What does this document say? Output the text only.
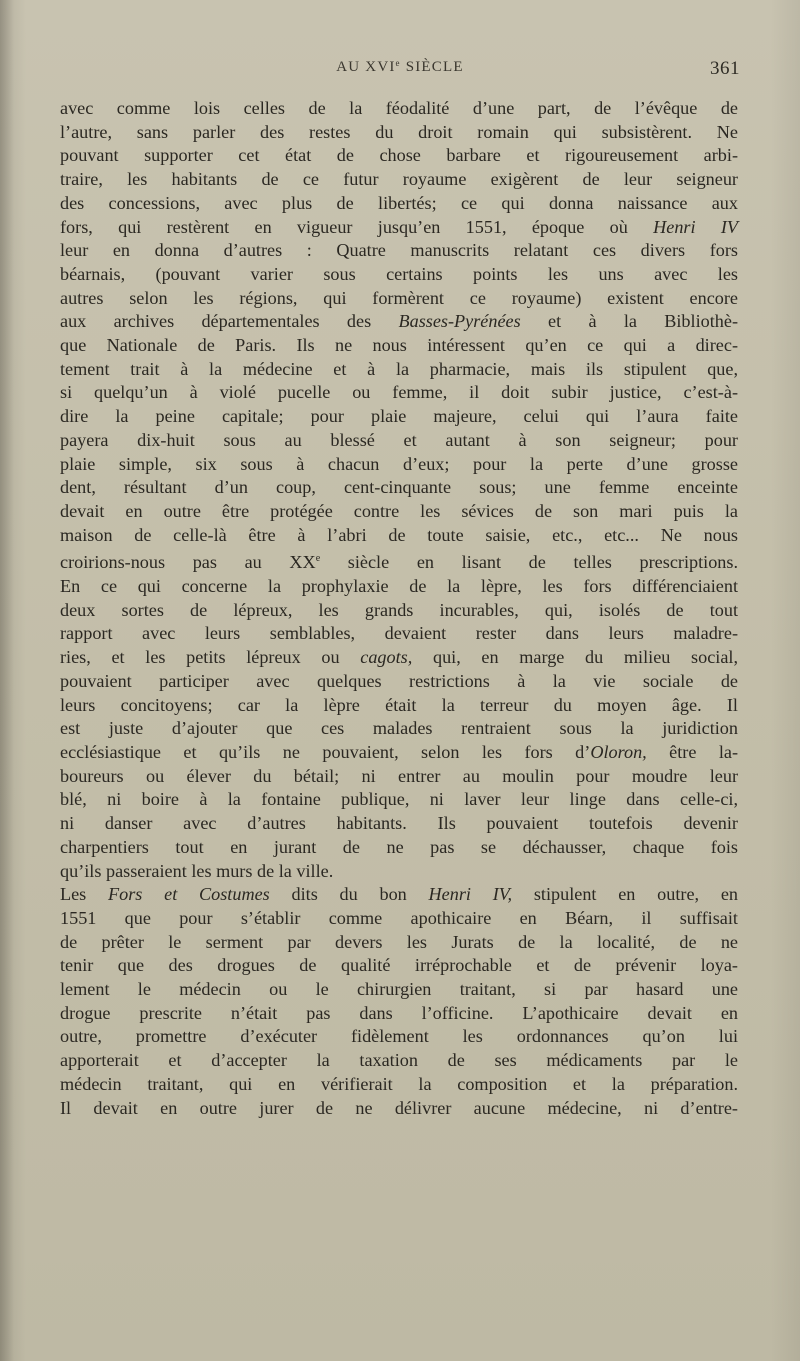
AU XVIe SIÈCLE	361
avec comme lois celles de la féodalité d’une part, de l’évêque de
l’autre, sans parler des restes du droit romain qui subsistèrent. Ne
pouvant supporter cet état de chose barbare et rigoureusement arbi-
traire, les habitants de ce futur royaume exigèrent de leur seigneur
des concessions, avec plus de libertés; ce qui donna naissance aux
fors, qui restèrent en vigueur jusqu’en 1551, époque où Henri IV
leur en donna d’autres : Quatre manuscrits relatant ces divers fors
béarnais, (pouvant varier sous certains points les uns avec les
autres selon les régions, qui formèrent ce royaume) existent encore
aux archives départementales des Basses-Pyrénées et à la Bibliothè-
que Nationale de Paris. Ils ne nous intéressent qu’en ce qui a direc-
tement trait à la médecine et à la pharmacie, mais ils stipulent que,
si quelqu’un à violé pucelle ou femme, il doit subir justice, c’est-à-
dire la peine capitale; pour plaie majeure, celui qui l’aura faite
payera dix-huit sous au blessé et autant à son seigneur; pour
plaie simple, six sous à chacun d’eux; pour la perte d’une grosse
dent, résultant d’un coup, cent-cinquante sous; une femme enceinte
devait en outre être protégée contre les sévices de son mari puis la
maison de celle-là être à l’abri de toute saisie, etc., etc... Ne nous
croirions-nous pas au XXe siècle en lisant de telles prescriptions.
En ce qui concerne la prophylaxie de la lèpre, les fors différenciaient
deux sortes de lépreux, les grands incurables, qui, isolés de tout
rapport avec leurs semblables, devaient rester dans leurs maladre-
ries, et les petits lépreux ou cagots, qui, en marge du milieu social,
pouvaient participer avec quelques restrictions à la vie sociale de
leurs concitoyens; car la lèpre était la terreur du moyen âge. Il
est juste d’ajouter que ces malades rentraient sous la juridiction
ecclésiastique et qu’ils ne pouvaient, selon les fors d’Oloron, être la-
boureurs ou élever du bétail; ni entrer au moulin pour moudre leur
blé, ni boire à la fontaine publique, ni laver leur linge dans celle-ci,
ni danser avec d’autres habitants. Ils pouvaient toutefois devenir
charpentiers tout en jurant de ne pas se déchausser, chaque fois
qu’ils passeraient les murs de la ville.
Les Fors et Costumes dits du bon Henri IV, stipulent en outre, en
1551 que pour s’établir comme apothicaire en Béarn, il suffisait
de prêter le serment par devers les Jurats de la localité, de ne
tenir que des drogues de qualité irréprochable et de prévenir loya-
lement le médecin ou le chirurgien traitant, si par hasard une
drogue prescrite n’était pas dans l’officine. L’apothicaire devait en
outre, promettre d’exécuter fidèlement les ordonnances qu’on lui
apporterait et d’accepter la taxation de ses médicaments par le
médecin traitant, qui en vérifierait la composition et la préparation.
Il devait en outre jurer de ne délivrer aucune médecine, ni d’entre-
